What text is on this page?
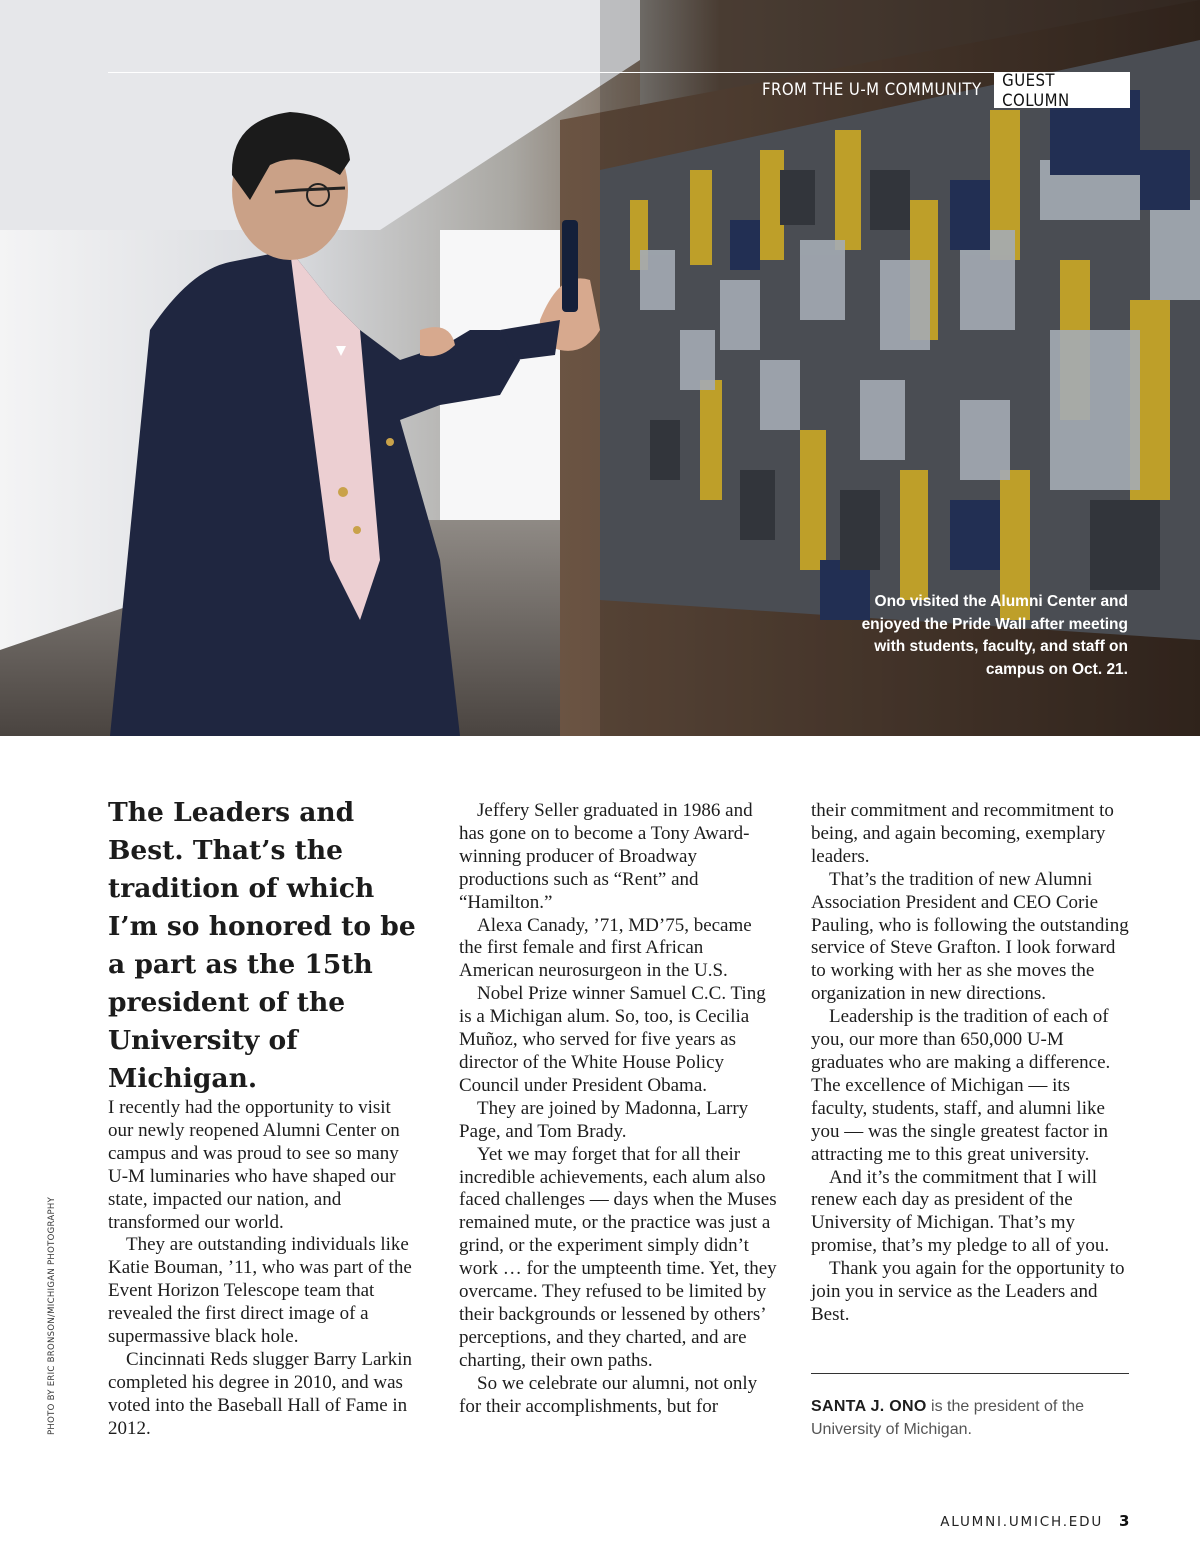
FROM THE U-M COMMUNITY GUEST COLUMN
Ono visited the Alumni Center and enjoyed the Pride Wall after meeting with students, faculty, and staff on campus on Oct. 21.
The Leaders and Best. That’s the tradition of which I’m so honored to be a part as the 15th president of the University of Michigan.

I recently had the opportunity to visit our newly reopened Alumni Center on campus and was proud to see so many U-M luminaries who have shaped our state, impacted our nation, and transformed our world.

They are outstanding individuals like Katie Bouman, ’11, who was part of the Event Horizon Telescope team that revealed the first direct image of a supermassive black hole.

Cincinnati Reds slugger Barry Larkin completed his degree in 2010, and was voted into the Baseball Hall of Fame in 2012.

Jeffery Seller graduated in 1986 and has gone on to become a Tony Award-winning producer of Broadway productions such as “Rent” and “Hamilton.”

Alexa Canady, ’71, MD’75, became the first female and first African American neurosurgeon in the U.S.

Nobel Prize winner Samuel C.C. Ting is a Michigan alum. So, too, is Cecilia Muñoz, who served for five years as director of the White House Policy Council under President Obama.

They are joined by Madonna, Larry Page, and Tom Brady.

Yet we may forget that for all their incredible achievements, each alum also faced challenges — days when the Muses remained mute, or the practice was just a grind, or the experiment simply didn’t work … for the umpteenth time. Yet, they overcame. They refused to be limited by their backgrounds or lessened by others’ perceptions, and they charted, and are charting, their own paths.

So we celebrate our alumni, not only for their accomplishments, but for

their commitment and recommitment to being, and again becoming, exemplary leaders.

That’s the tradition of new Alumni Association President and CEO Corie Pauling, who is following the outstanding service of Steve Grafton. I look forward to working with her as she moves the organization in new directions.

Leadership is the tradition of each of you, our more than 650,000 U-M graduates who are making a difference. The excellence of Michigan — its faculty, students, staff, and alumni like you — was the single greatest factor in attracting me to this great university.

And it’s the commitment that I will renew each day as president of the University of Michigan. That’s my promise, that’s my pledge to all of you.

Thank you again for the opportunity to join you in service as the Leaders and Best.

SANTA J. ONO is the president of the University of Michigan.
PHOTO BY ERIC BRONSON/MICHIGAN PHOTOGRAPHY
ALUMNI.UMICH.EDU 3
